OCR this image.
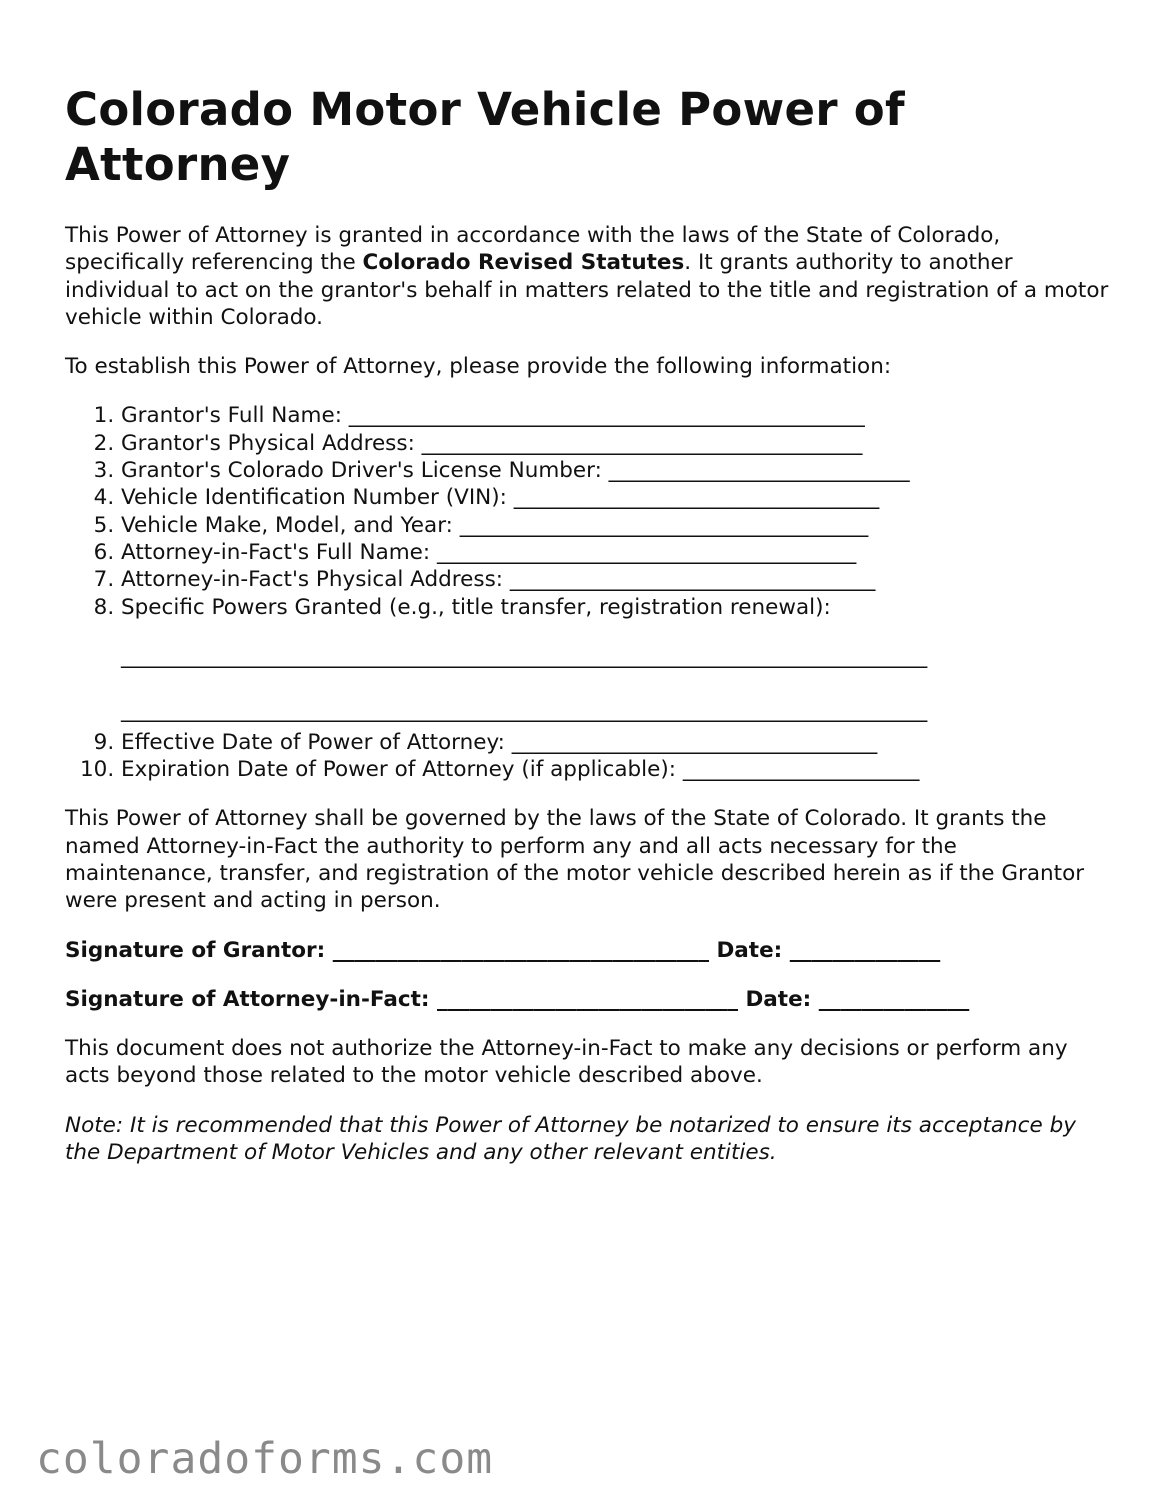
Colorado Motor Vehicle Power of Attorney

This Power of Attorney is granted in accordance with the laws of the State of Colorado, specifically referencing the Colorado Revised Statutes. It grants authority to another individual to act on the grantor's behalf in matters related to the title and registration of a motor vehicle within Colorado.

To establish this Power of Attorney, please provide the following information:

1. Grantor's Full Name: ________________________________________________
2. Grantor's Physical Address: _________________________________________
3. Grantor's Colorado Driver's License Number: ____________________________
4. Vehicle Identification Number (VIN): __________________________________
5. Vehicle Make, Model, and Year: ______________________________________
6. Attorney-in-Fact's Full Name: _______________________________________
7. Attorney-in-Fact's Physical Address: __________________________________
8. Specific Powers Granted (e.g., title transfer, registration renewal):
___________________________________________________________________________
___________________________________________________________________________
9. Effective Date of Power of Attorney: __________________________________
10. Expiration Date of Power of Attorney (if applicable): ______________________

This Power of Attorney shall be governed by the laws of the State of Colorado. It grants the named Attorney-in-Fact the authority to perform any and all acts necessary for the maintenance, transfer, and registration of the motor vehicle described herein as if the Grantor were present and acting in person.

Signature of Grantor: ___________________________________ Date: ______________

Signature of Attorney-in-Fact: ____________________________ Date: ______________

This document does not authorize the Attorney-in-Fact to make any decisions or perform any acts beyond those related to the motor vehicle described above.

Note: It is recommended that this Power of Attorney be notarized to ensure its acceptance by the Department of Motor Vehicles and any other relevant entities.

coloradoforms.com
